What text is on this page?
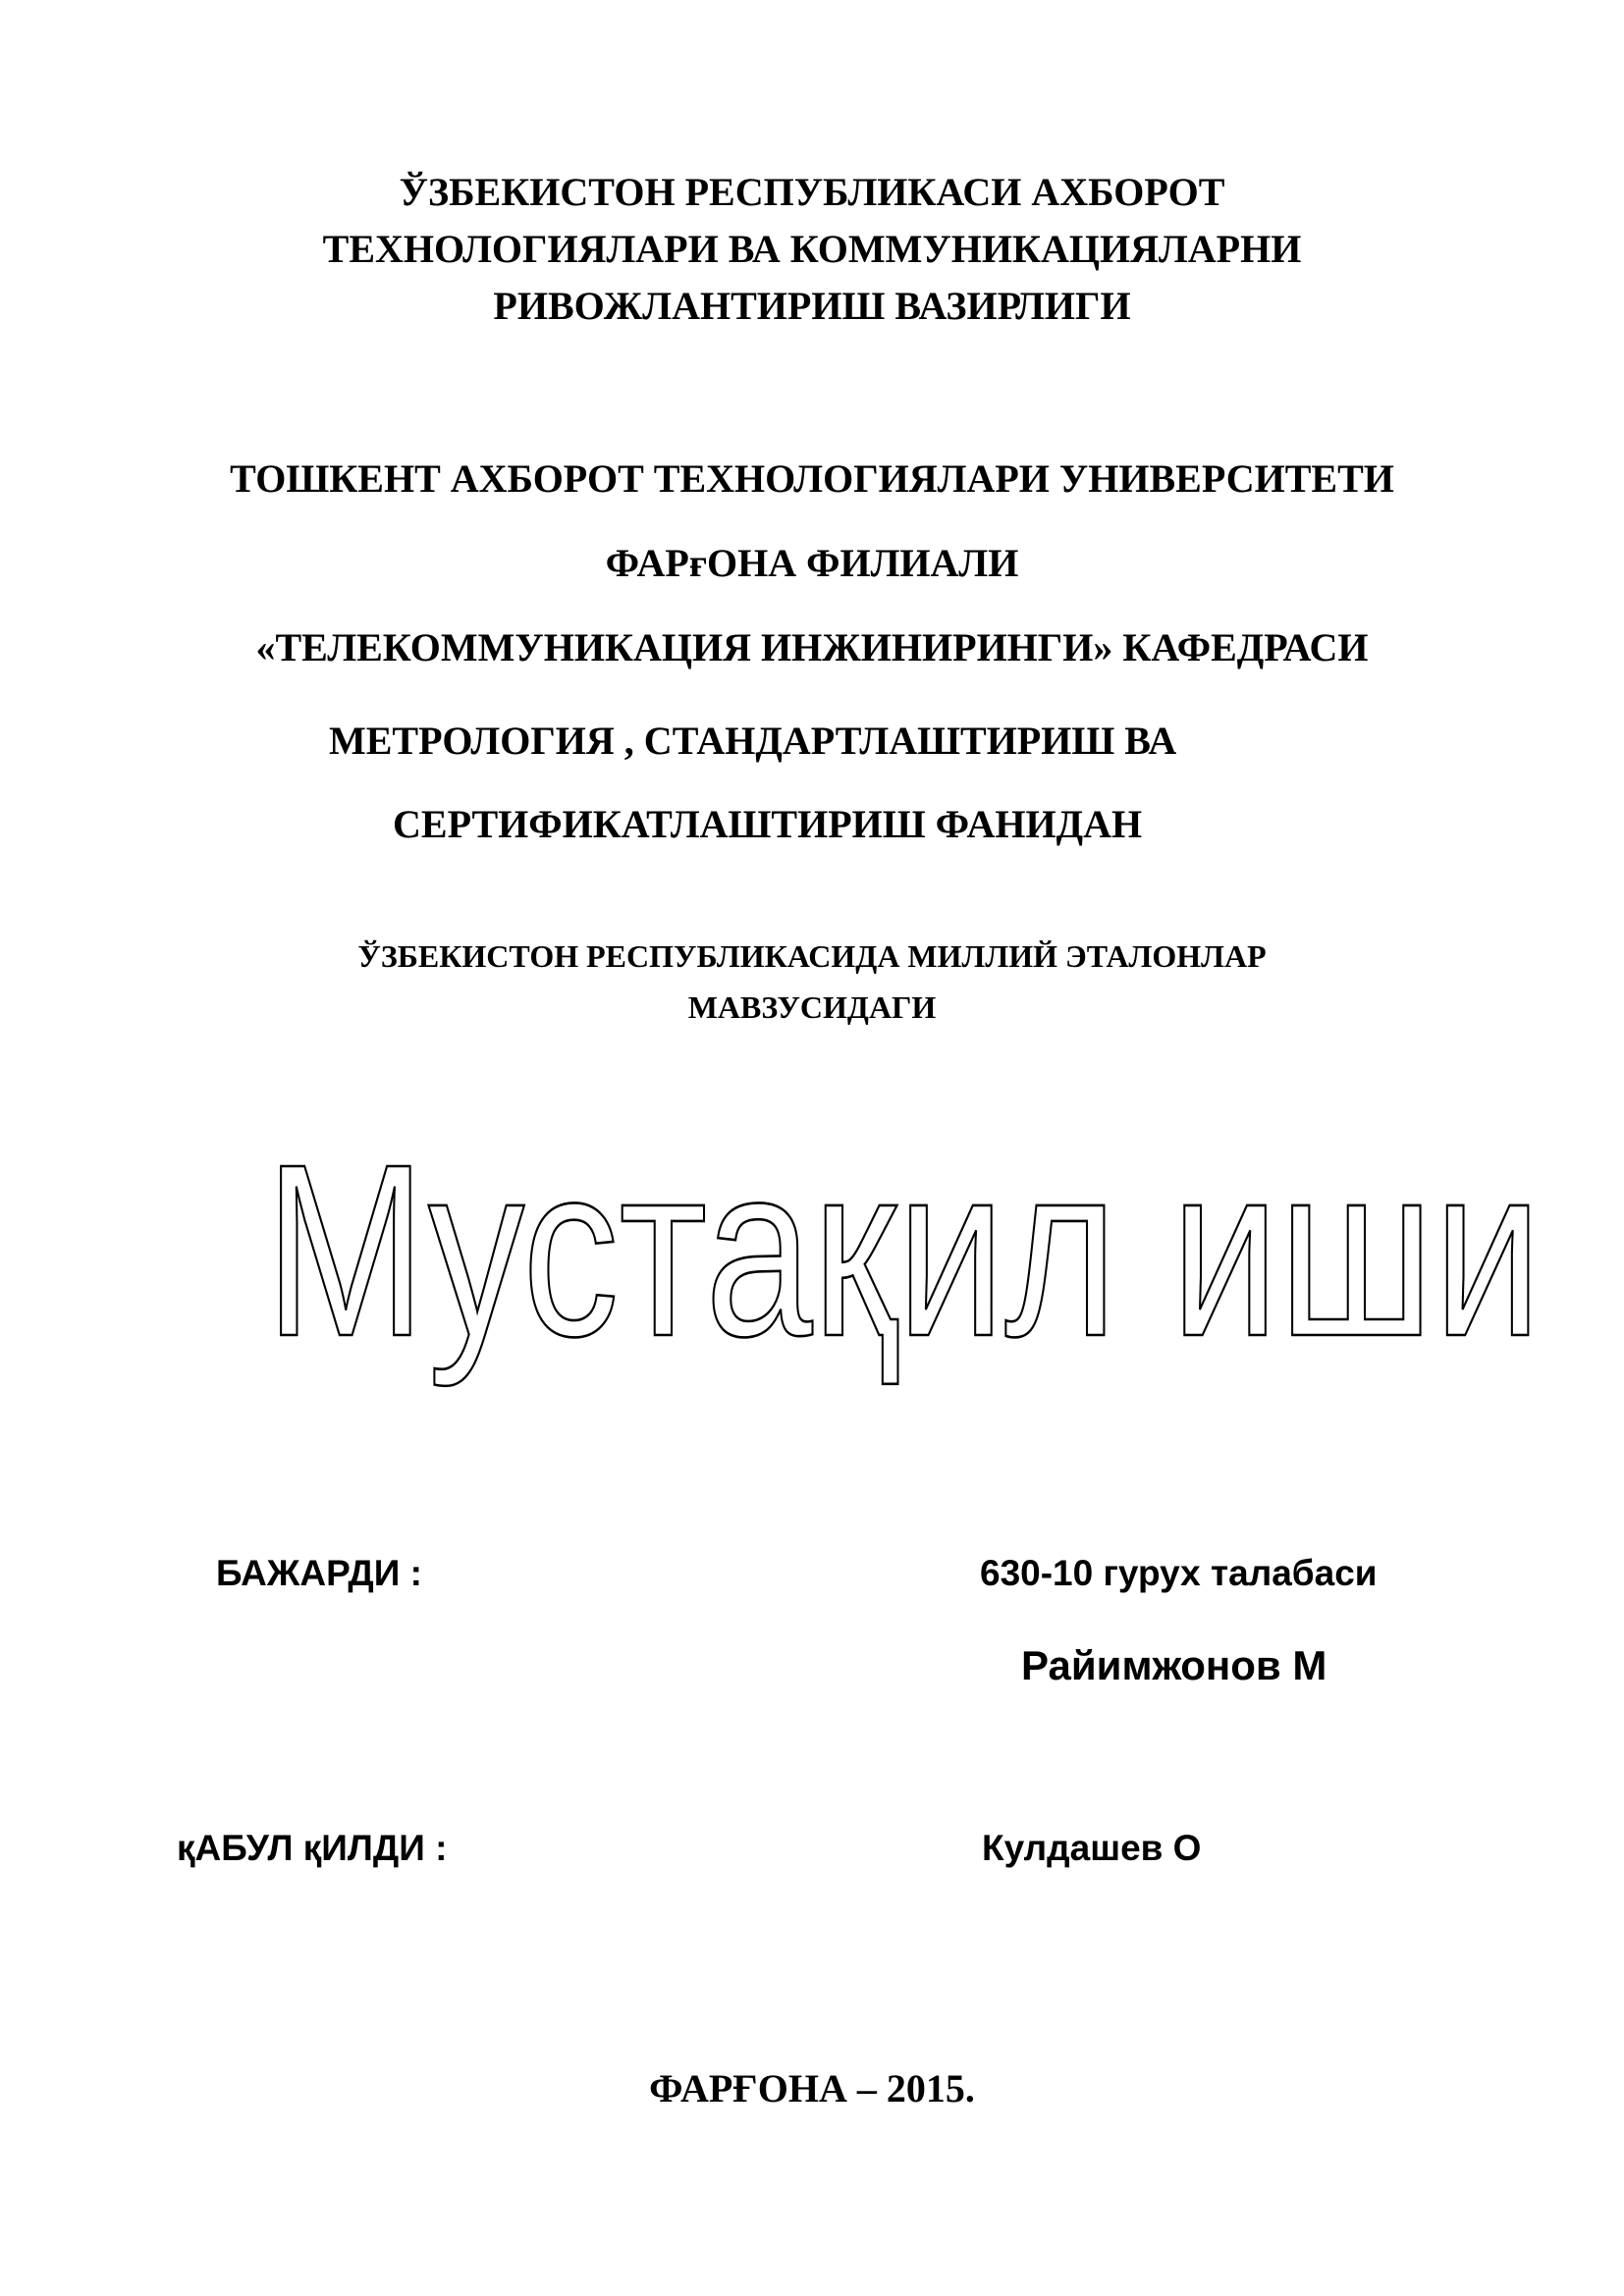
ЎЗБЕКИСТОН РЕСПУБЛИКАСИ АХБОРОТ
ТЕХНОЛОГИЯЛАРИ ВА КОММУНИКАЦИЯЛАРНИ
РИВОЖЛАНТИРИШ ВАЗИРЛИГИ
ТОШКЕНТ АХБОРОТ ТЕХНОЛОГИЯЛАРИ УНИВЕРСИТЕТИ
ФАРғОНА ФИЛИАЛИ
«ТЕЛЕКОММУНИКАЦИЯ ИНЖИНИРИНГИ» КАФЕДРАСИ
МЕТРОЛОГИЯ , СТАНДАРТЛАШТИРИШ ВА
СЕРТИФИКАТЛАШТИРИШ ФАНИДАН
ЎЗБЕКИСТОН РЕСПУБЛИКАСИДА МИЛЛИЙ ЭТАЛОНЛАР
МАВЗУСИДАГИ
Мустақил иши
БАЖАРДИ :	630-10 гурух талабаси
Райимжонов М
қАБУЛ қИЛДИ :	Кулдашев О
ФАРҒОНА – 2015.
